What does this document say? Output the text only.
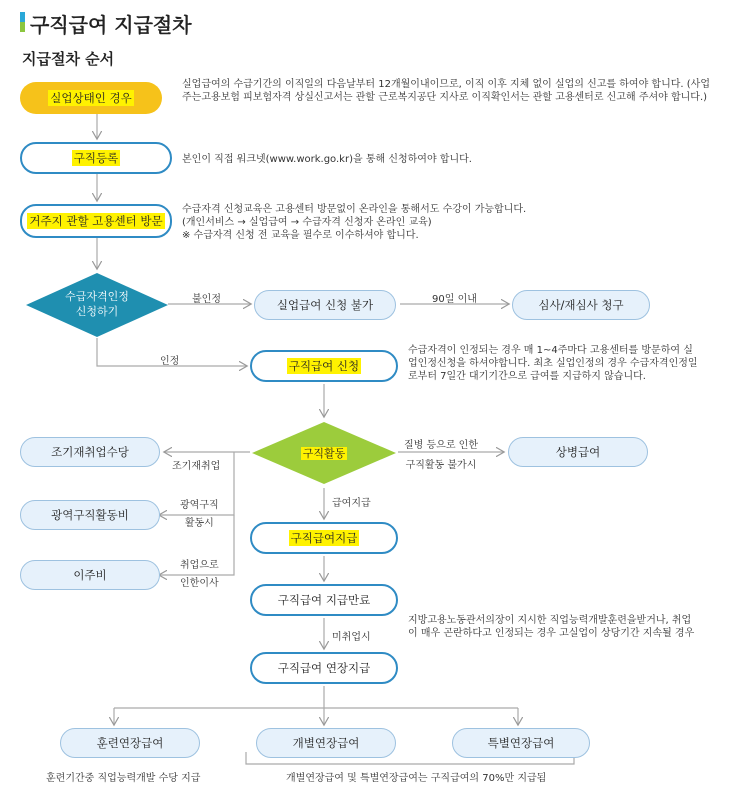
구직급여 지급절차
지급절차 순서
실업상태인 경우
실업급여의 수급기간의 이직일의 다음날부터 12개월이내이므로, 이직 이후 지체 없이 실업의 신고를 하여야 합니다. (사업주는고용보험 피보험자격 상실신고서는 관할 근로복지공단 지사로 이직확인서는 관할 고용센터로 신고해 주셔야 합니다.)
구직등록	본인이 직접 워크넷(www.work.go.kr)을 통해 신청하여야 합니다.
거주지 관할 고용센터 방문
수급자격 신청교육은 고용센터 방문없이 온라인을 통해서도 수강이 가능합니다.
(개인서비스 → 실업급여 → 수급자격 신청자 온라인 교육)
※ 수급자격 신청 전 교육을 필수로 이수하셔야 합니다.
수급자격인정
신청하기
불인정	실업급여 신청 불가	90일 이내	심사/재심사 청구
인정	구직급여 신청
수급자격이 인정되는 경우 매 1~4주마다 고용센터를 방문하여 실업인정신청을 하셔야합니다. 최초 실업인정의 경우 수급자격인정일로부터 7일간 대기기간으로 급여를 지급하지 않습니다.
구직활동
질병 등으로 인한
구직활동 불가시
상병급여
조기재취업수당
조기재취업
광역구직활동비
광역구직
활동시
이주비
취업으로
인한이사
급여지급
구직급여지급
구직급여 지급만료
미취업시
지방고용노동관서의장이 지시한 직업능력개발훈련을받거나, 취업이 매우 곤란하다고 인정되는 경우 고실업이 상당기간 지속될 경우
구직급여 연장지급
훈련연장급여	개별연장급여	특별연장급여
훈련기간중 직업능력개발 수당 지급	개별연장급여 및 특별연장급여는 구직급여의 70%만 지급됨
